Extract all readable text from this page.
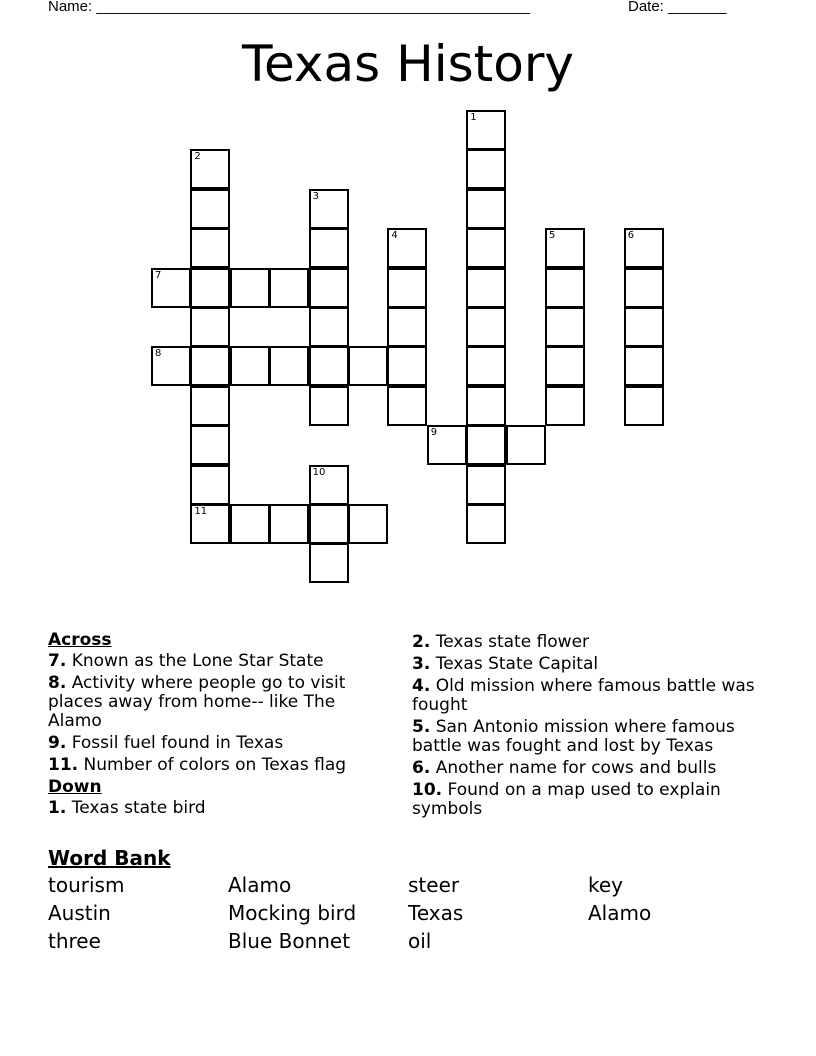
Name: ____________________________________________________	Date: _______
Texas History
1
2
3
4	5	6
7
8
9
10
11
Across
7. Known as the Lone Star State
8. Activity where people go to visit places away from home-- like The Alamo
9. Fossil fuel found in Texas
11. Number of colors on Texas flag
Down
1. Texas state bird
2. Texas state flower
3. Texas State Capital
4. Old mission where famous battle was fought
5. San Antonio mission where famous battle was fought and lost by Texas
6. Another name for cows and bulls
10. Found on a map used to explain symbols
Word Bank
tourism	Alamo	steer	key
Austin	Mocking bird	Texas	Alamo
three	Blue Bonnet	oil
